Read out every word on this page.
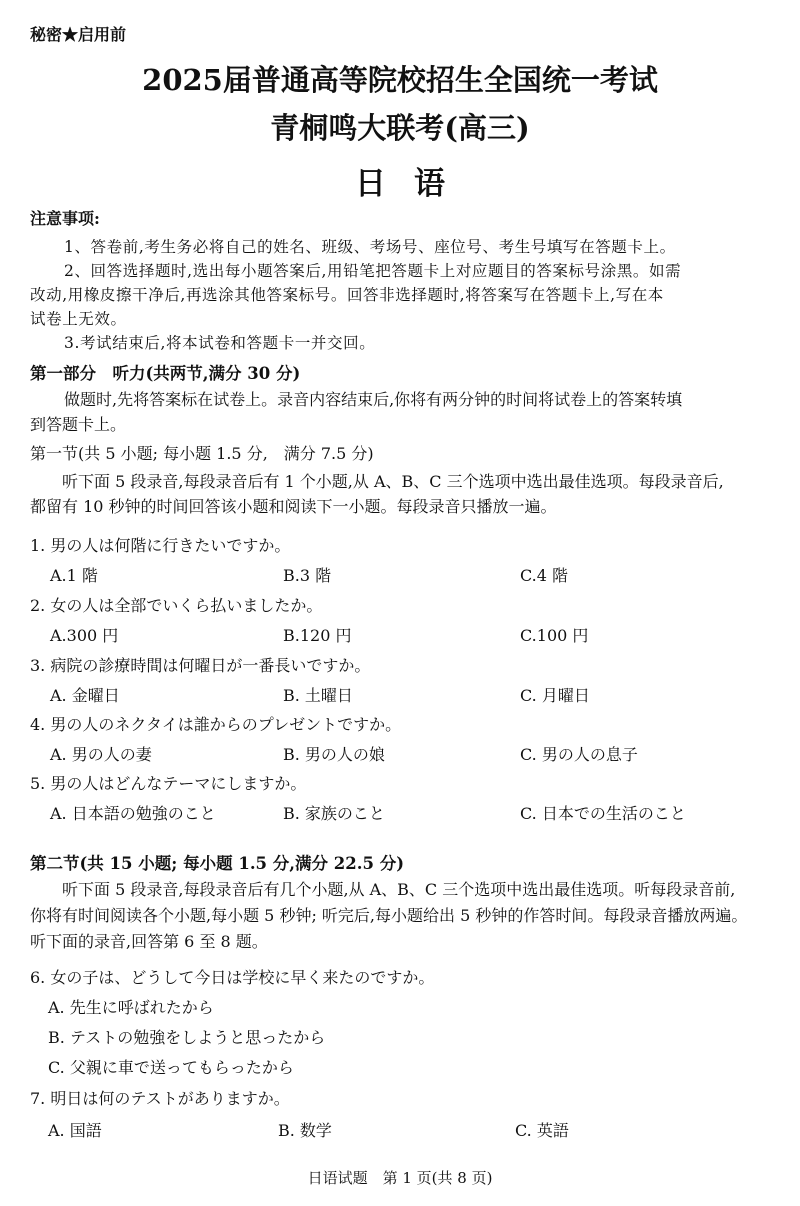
秘密★启用前
2025届普通高等院校招生全国统一考试
青桐鸣大联考(高三)
日语
注意事项:
1、答卷前,考生务必将自己的姓名、班级、考场号、座位号、考生号填写在答题卡上。
2、回答选择题时,选出每小题答案后,用铅笔把答题卡上对应题目的答案标号涂黑。如需
改动,用橡皮擦干净后,再选涂其他答案标号。回答非选择题时,将答案写在答题卡上,写在本
试卷上无效。
3.考试结束后,将本试卷和答题卡一并交回。
第一部分　听力(共两节,满分 30 分)
做题时,先将答案标在试卷上。录音内容结束后,你将有两分钟的时间将试卷上的答案转填
到答题卡上。
第一节(共 5 小题; 每小题 1.5 分,　满分 7.5 分)
听下面 5 段录音,每段录音后有 1 个小题,从 A、B、C 三个选项中选出最佳选项。每段录音后,
都留有 10 秒钟的时间回答该小题和阅读下一小题。每段录音只播放一遍。
1. 男の人は何階に行きたいですか。
A.1 階	B.3 階	C.4 階
2. 女の人は全部でいくら払いましたか。
A.300 円	B.120 円	C.100 円
3. 病院の診療時間は何曜日が一番長いですか。
A. 金曜日	B. 土曜日	C. 月曜日
4. 男の人のネクタイは誰からのプレゼントですか。
A. 男の人の妻	B. 男の人の娘	C. 男の人の息子
5. 男の人はどんなテーマにしますか。
A. 日本語の勉強のこと	B. 家族のこと	C. 日本での生活のこと
第二节(共 15 小题; 每小题 1.5 分,满分 22.5 分)
听下面 5 段录音,每段录音后有几个小题,从 A、B、C 三个选项中选出最佳选项。听每段录音前,
你将有时间阅读各个小题,每小题 5 秒钟; 听完后,每小题给出 5 秒钟的作答时间。每段录音播放两遍。
听下面的录音,回答第 6 至 8 题。
6. 女の子は、どうして今日は学校に早く来たのですか。
A. 先生に呼ばれたから
B. テストの勉強をしようと思ったから
C. 父親に車で送ってもらったから
7. 明日は何のテストがありますか。
A. 国語	B. 数学	C. 英語
日语试题　第 1 页(共 8 页)
